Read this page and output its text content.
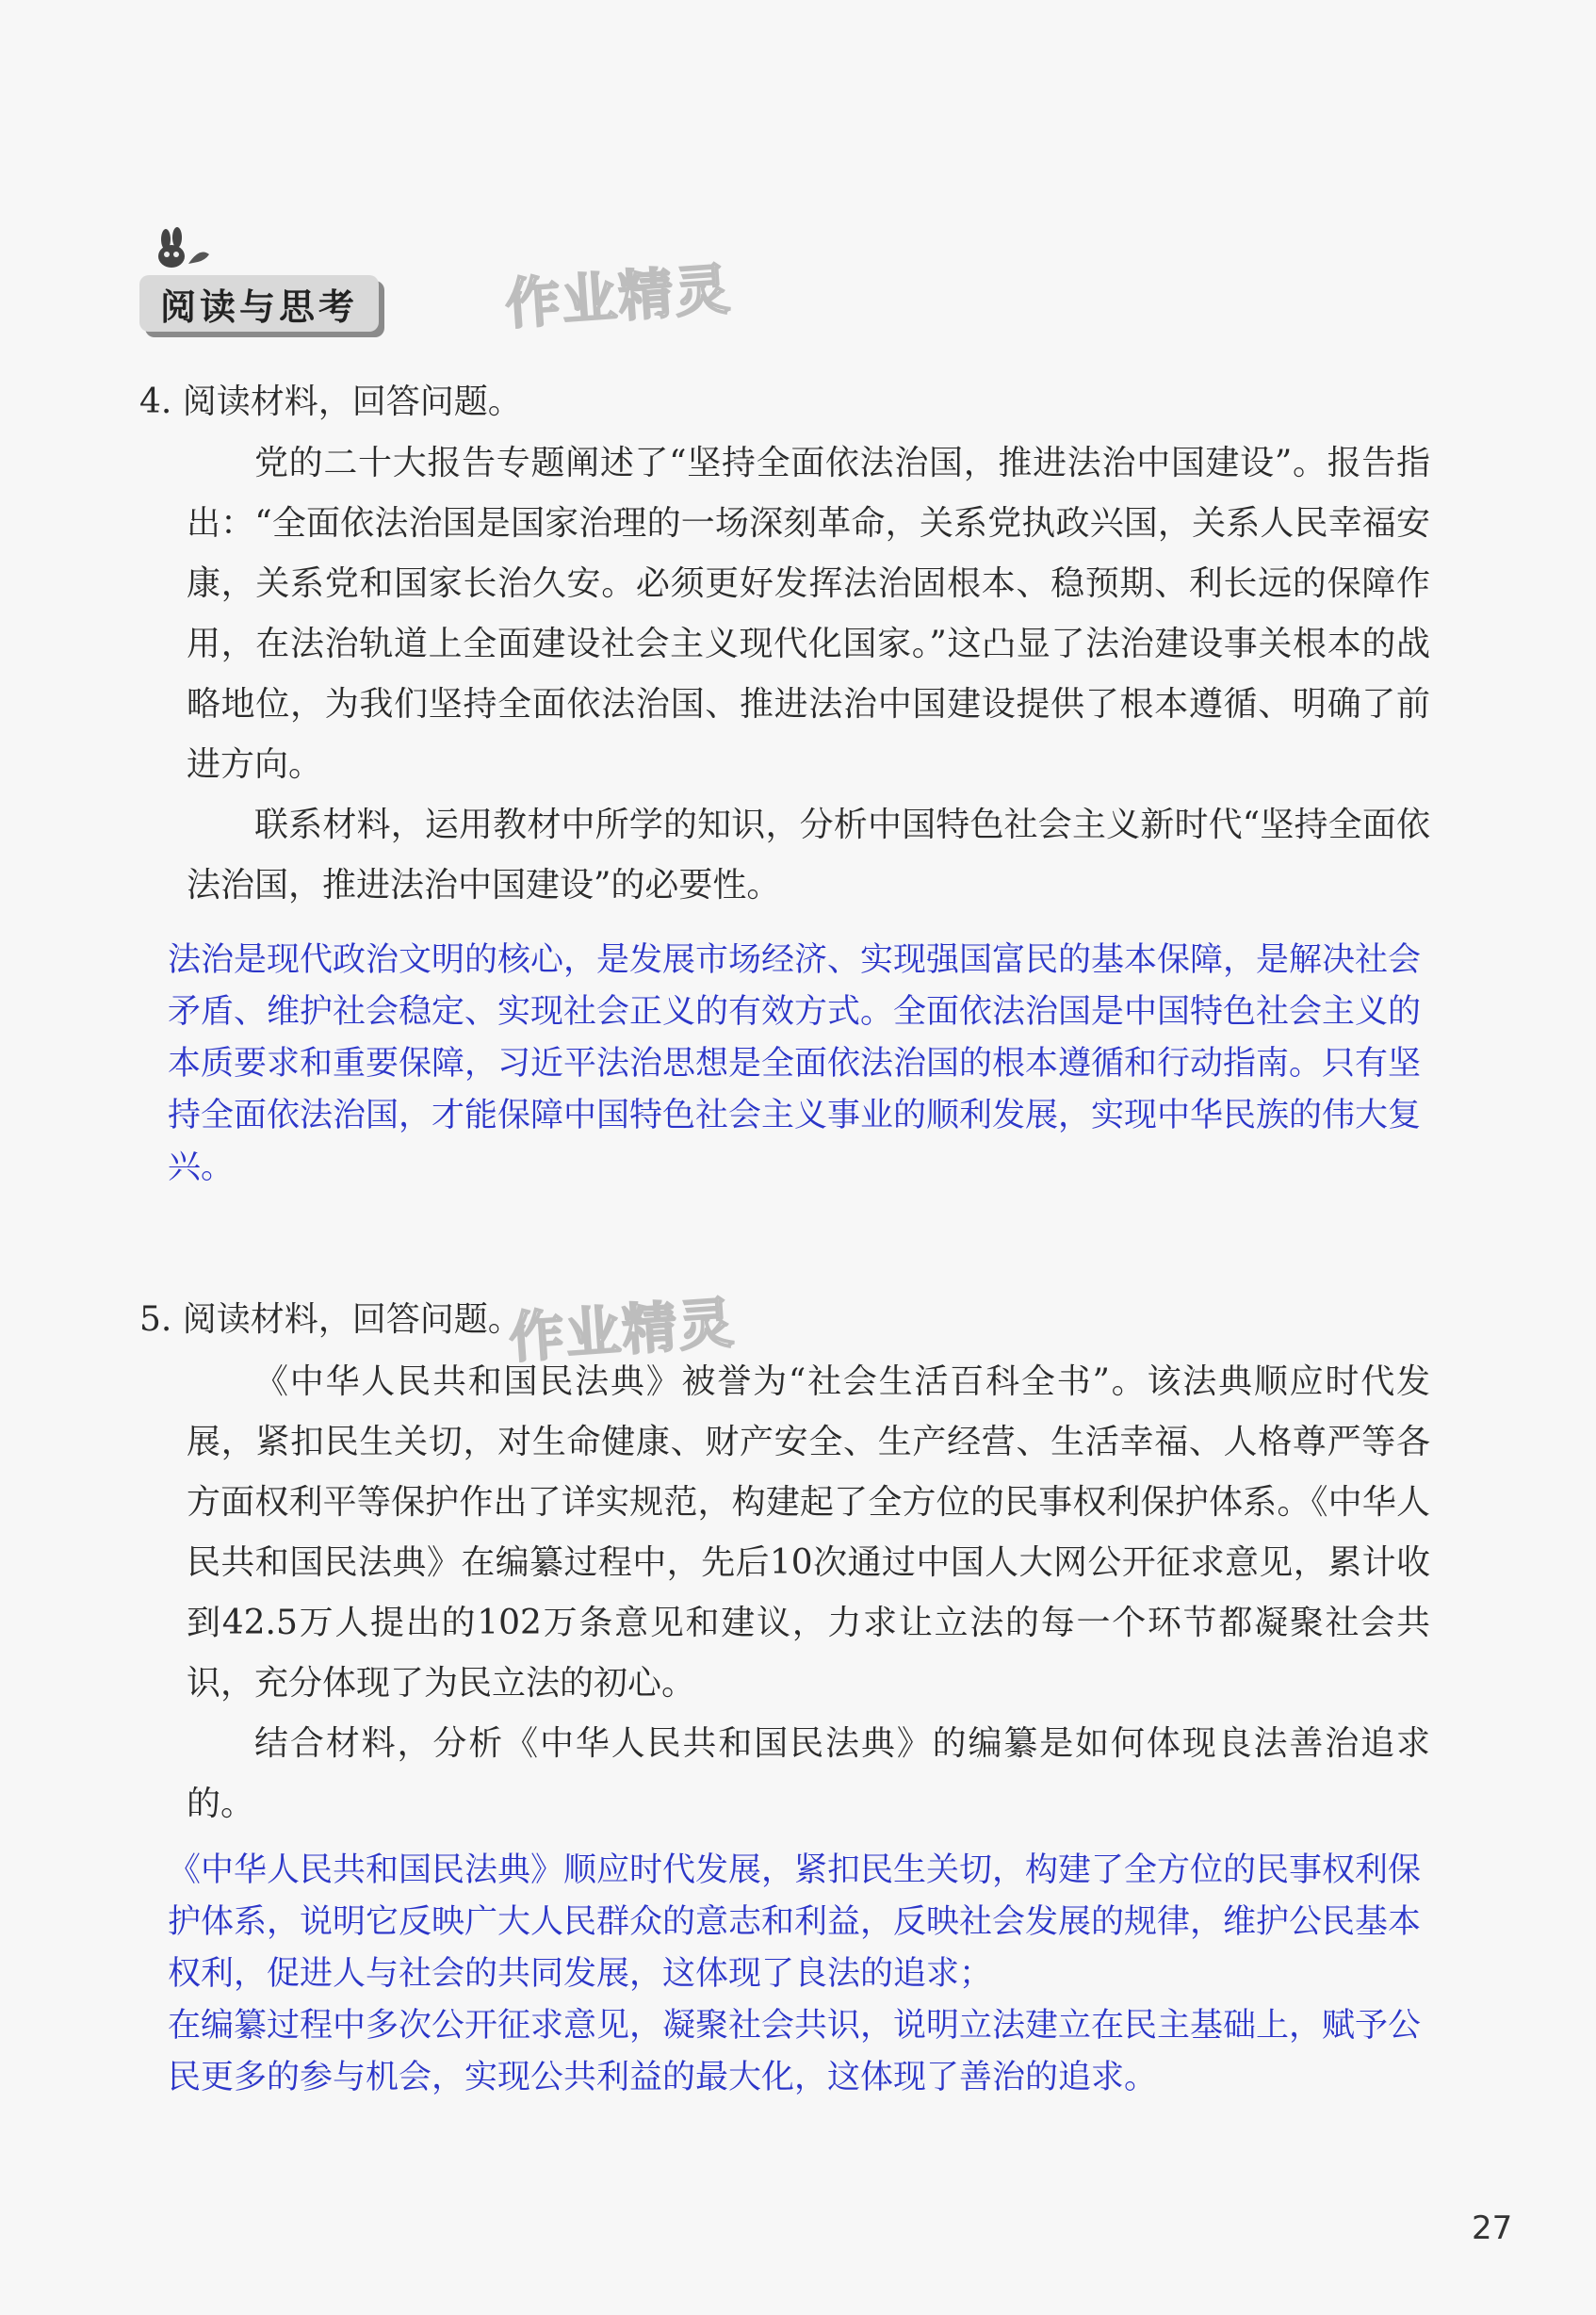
阅读与思考	作业精灵
4. 阅读材料，回答问题。

党的二十大报告专题阐述了“坚持全面依法治国，推进法治中国建设”。报告指出：“全面依法治国是国家治理的一场深刻革命，关系党执政兴国，关系人民幸福安康，关系党和国家长治久安。必须更好发挥法治固根本、稳预期、利长远的保障作用，在法治轨道上全面建设社会主义现代化国家。”这凸显了法治建设事关根本的战略地位，为我们坚持全面依法治国、推进法治中国建设提供了根本遵循、明确了前进方向。

联系材料，运用教材中所学的知识，分析中国特色社会主义新时代“坚持全面依法治国，推进法治中国建设”的必要性。

法治是现代政治文明的核心，是发展市场经济、实现强国富民的基本保障，是解决社会矛盾、维护社会稳定、实现社会正义的有效方式。全面依法治国是中国特色社会主义的本质要求和重要保障，习近平法治思想是全面依法治国的根本遵循和行动指南。只有坚持全面依法治国，才能保障中国特色社会主义事业的顺利发展，实现中华民族的伟大复兴。
5. 阅读材料，回答问题。
作业精灵

《中华人民共和国民法典》被誉为“社会生活百科全书”。该法典顺应时代发展，紧扣民生关切，对生命健康、财产安全、生产经营、生活幸福、人格尊严等各方面权利平等保护作出了详实规范，构建起了全方位的民事权利保护体系。《中华人民共和国民法典》在编纂过程中，先后10次通过中国人大网公开征求意见，累计收到42.5万人提出的102万条意见和建议，力求让立法的每一个环节都凝聚社会共识，充分体现了为民立法的初心。

结合材料，分析《中华人民共和国民法典》的编纂是如何体现良法善治追求的。

《中华人民共和国民法典》顺应时代发展，紧扣民生关切，构建了全方位的民事权利保护体系，说明它反映广大人民群众的意志和利益，反映社会发展的规律，维护公民基本权利，促进人与社会的共同发展，这体现了良法的追求；
在编纂过程中多次公开征求意见，凝聚社会共识，说明立法建立在民主基础上，赋予公民更多的参与机会，实现公共利益的最大化，这体现了善治的追求。
27
